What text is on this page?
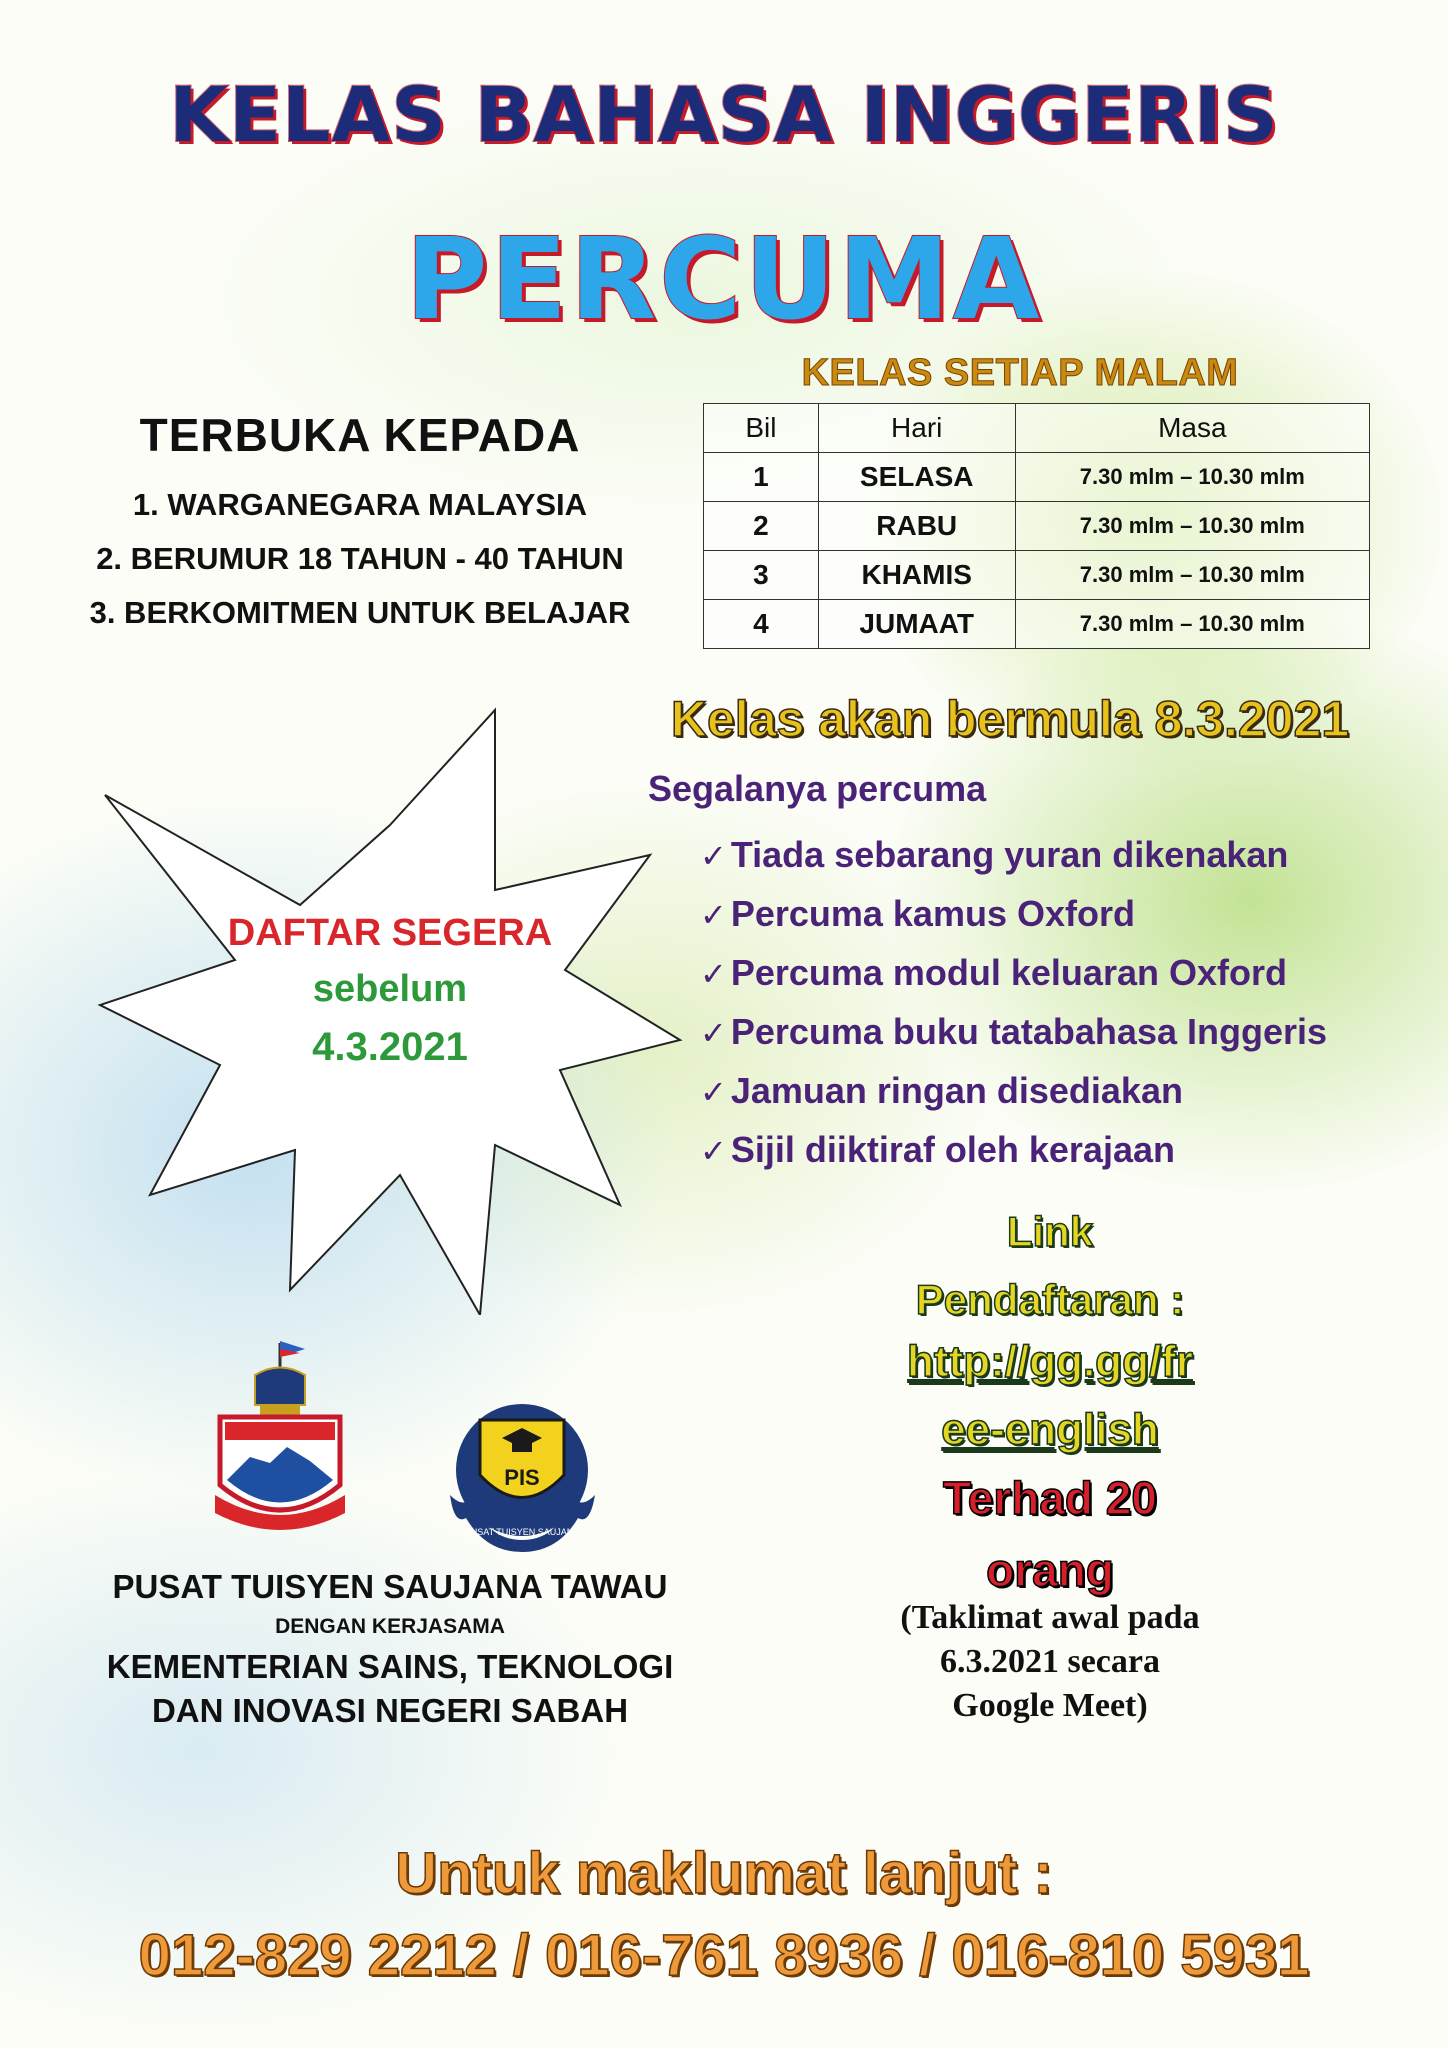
KELAS BAHASA INGGERIS
PERCUMA
TERBUKA KEPADA
1. WARGANEGARA MALAYSIA
2. BERUMUR 18 TAHUN - 40 TAHUN
3. BERKOMITMEN UNTUK BELAJAR
KELAS SETIAP MALAM
Bil	Hari	Masa
1	SELASA	7.30 mlm – 10.30 mlm
2	RABU	7.30 mlm – 10.30 mlm
3	KHAMIS	7.30 mlm – 10.30 mlm
4	JUMAAT	7.30 mlm – 10.30 mlm
DAFTAR SEGERA
sebelum
4.3.2021
Kelas akan bermula 8.3.2021
Segalanya percuma
✓ Tiada sebarang yuran dikenakan
✓ Percuma kamus Oxford
✓ Percuma modul keluaran Oxford
✓ Percuma buku tatabahasa Inggeris
✓ Jamuan ringan disediakan
✓ Sijil diiktiraf oleh kerajaan
Link
Pendaftaran :
http://gg.gg/fr
ee-english
Terhad 20
orang
(Taklimat awal pada
6.3.2021 secara
Google Meet)
PIS
PUSAT TUISYEN SAUJANA
PUSAT TUISYEN SAUJANA TAWAU
DENGAN KERJASAMA
KEMENTERIAN SAINS, TEKNOLOGI
DAN INOVASI NEGERI SABAH
Untuk maklumat lanjut :
012-829 2212 / 016-761 8936 / 016-810 5931
